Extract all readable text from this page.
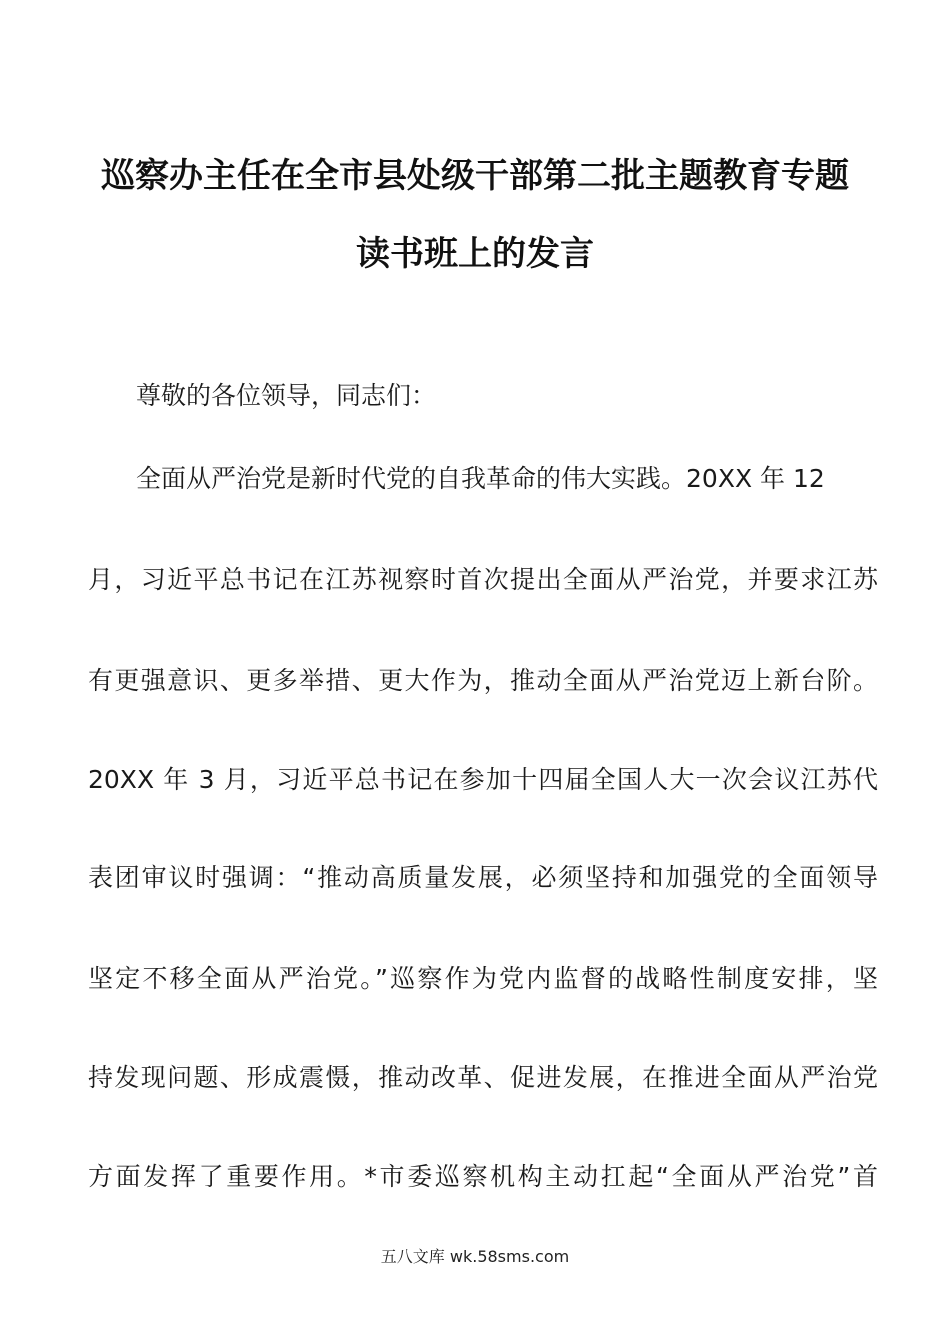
巡察办主任在全市县处级干部第二批主题教育专题
读书班上的发言
尊敬的各位领导，同志们：
全面从严治党是新时代党的自我革命的伟大实践。20XX 年 12
月，习近平总书记在江苏视察时首次提出全面从严治党，并要求江苏
有更强意识、更多举措、更大作为，推动全面从严治党迈上新台阶。
20XX 年 3 月，习近平总书记在参加十四届全国人大一次会议江苏代
表团审议时强调：“推动高质量发展，必须坚持和加强党的全面领导
坚定不移全面从严治党。”巡察作为党内监督的战略性制度安排，坚
持发现问题、形成震慑，推动改革、促进发展，在推进全面从严治党
方面发挥了重要作用。*市委巡察机构主动扛起“全面从严治党”首
五八文库 wk.58sms.com
